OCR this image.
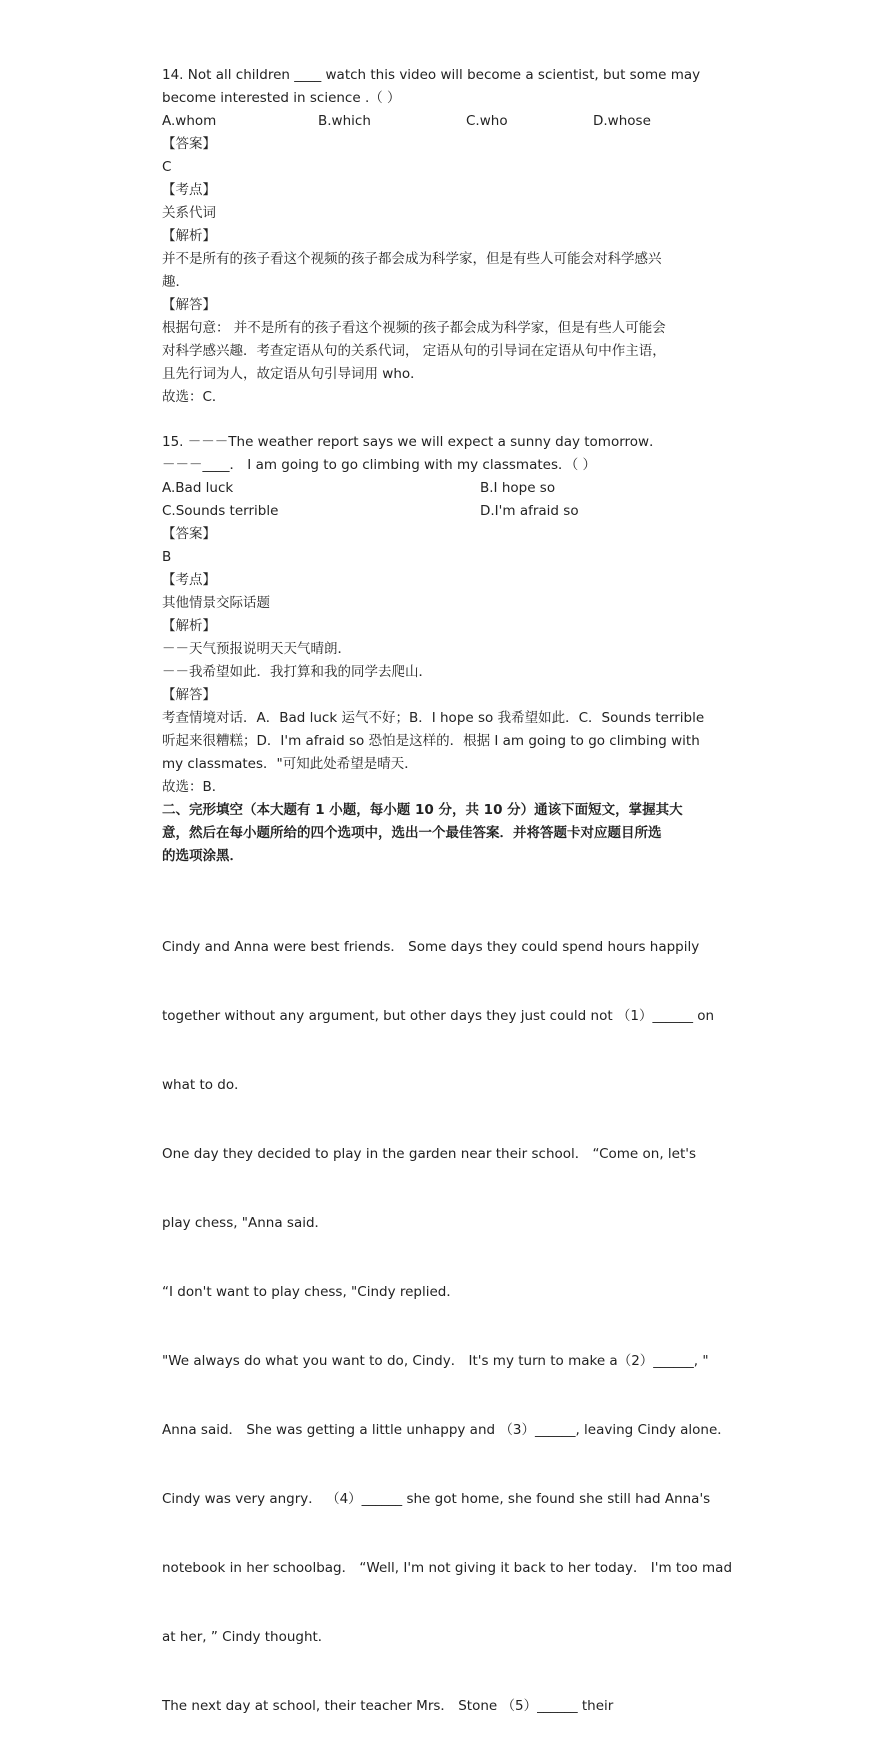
14. Not all children ____ watch this video will become a scientist, but some may
become interested in science .（ ）
A.whom	B.which	C.who	D.whose
【答案】
C
【考点】
关系代词
【解析】
并不是所有的孩子看这个视频的孩子都会成为科学家，但是有些人可能会对科学感兴
趣．
【解答】
根据句意： 并不是所有的孩子看这个视频的孩子都会成为科学家，但是有些人可能会
对科学感兴趣．考查定语从句的关系代词， 定语从句的引导词在定语从句中作主语，
且先行词为人，故定语从句引导词用 who．
故选：C．
15. －－－The weather report says we will expect a sunny day tomorrow．
－－－____． I am going to go climbing with my classmates．（ ）
A.Bad luck	B.I hope so
C.Sounds terrible	D.I'm afraid so
【答案】
B
【考点】
其他情景交际话题
【解析】
－－天气预报说明天天气晴朗．
－－我希望如此．我打算和我的同学去爬山．
【解答】
考查情境对话．A．Bad luck 运气不好；B．I hope so 我希望如此．C．Sounds terrible
听起来很糟糕；D．I'm afraid so 恐怕是这样的．根据 I am going to go climbing with
my classmates．"可知此处希望是晴天．
故选：B．
二、完形填空（本大题有 1 小题，每小题 10 分，共 10 分）通该下面短文，掌握其大
意，然后在每小题所给的四个选项中，选出一个最佳答案．并将答题卡对应题目所选
的选项涂黑．

Cindy and Anna were best friends． Some days they could spend hours happily

together without any argument, but other days they just could not （1）______ on

what to do．

One day they decided to play in the garden near their school． “Come on, let's

play chess, "Anna said．

“I don't want to play chess, "Cindy replied．

"We always do what you want to do, Cindy． It's my turn to make a（2）______, "

Anna said． She was getting a little unhappy and （3）______, leaving Cindy alone．

Cindy was very angry． （4）______ she got home, she found she still had Anna's

notebook in her schoolbag． “Well, I'm not giving it back to her today． I'm too mad

at her, ” Cindy thought．

The next day at school, their teacher Mrs． Stone （5）______ their
